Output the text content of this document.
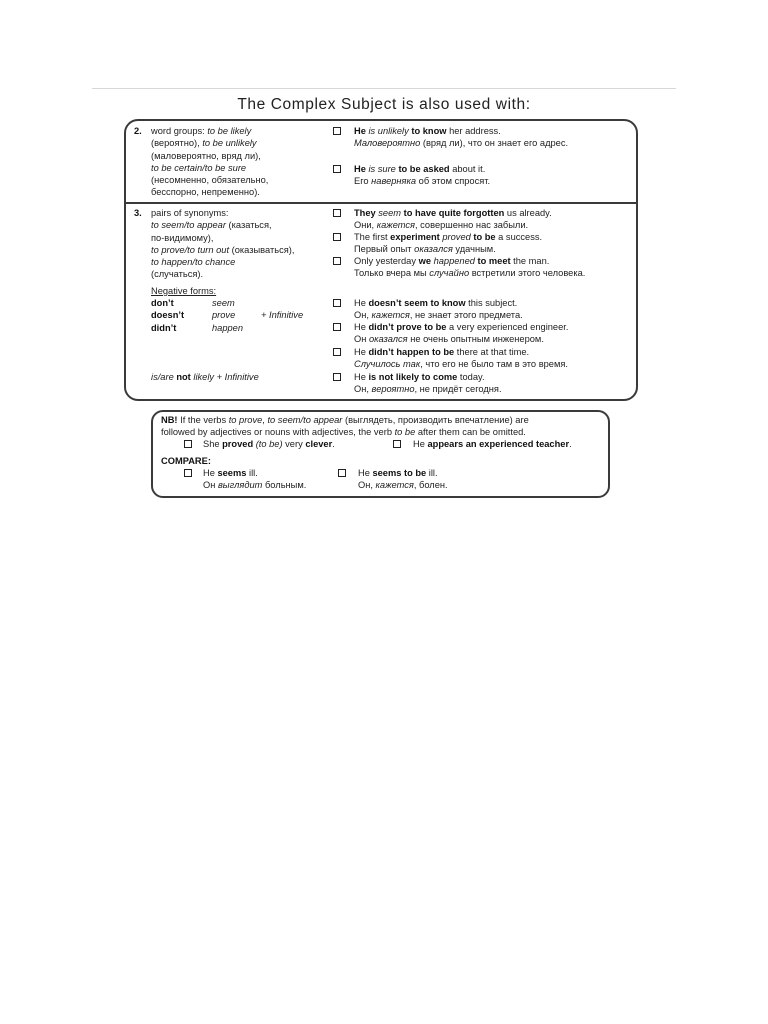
The Complex Subject is also used with:
2. word groups: to be likely
(вероятно), to be unlikely
(маловероятно, вряд ли),
to be certain/to be sure
(несомненно, обязательно,
бесспорно, непременно).
He is unlikely to know her address.
Маловероятно (вряд ли), что он знает его адрес.
He is sure to be asked about it.
Его наверняка об этом спросят.
3. pairs of synonyms:
to seem/to appear (казаться,
по-видимому),
to prove/to turn out (оказываться),
to happen/to chance
(случаться).
Negative forms:
don’t
doesn’t
didn’t
seem
prove
happen
+ Infinitive
is/are not likely + Infinitive
They seem to have quite forgotten us already.
Они, кажется, совершенно нас забыли.
The first experiment proved to be a success.
Первый опыт оказался удачным.
Only yesterday we happened to meet the man.
Только вчера мы случайно встретили этого человека.
He doesn’t seem to know this subject.
Он, кажется, не знает этого предмета.
He didn’t prove to be a very experienced engineer.
Он оказался не очень опытным инженером.
He didn’t happen to be there at that time.
Случилось так, что его не было там в это время.
He is not likely to come today.
Он, вероятно, не придёт сегодня.
NB! If the verbs to prove, to seem/to appear (выглядеть, производить впечатление) are
followed by adjectives or nouns with adjectives, the verb to be after them can be omitted.
She proved (to be) very clever.	He appears an experienced teacher.
COMPARE:
He seems ill.
Он выглядит больным.
He seems to be ill.
Он, кажется, болен.
